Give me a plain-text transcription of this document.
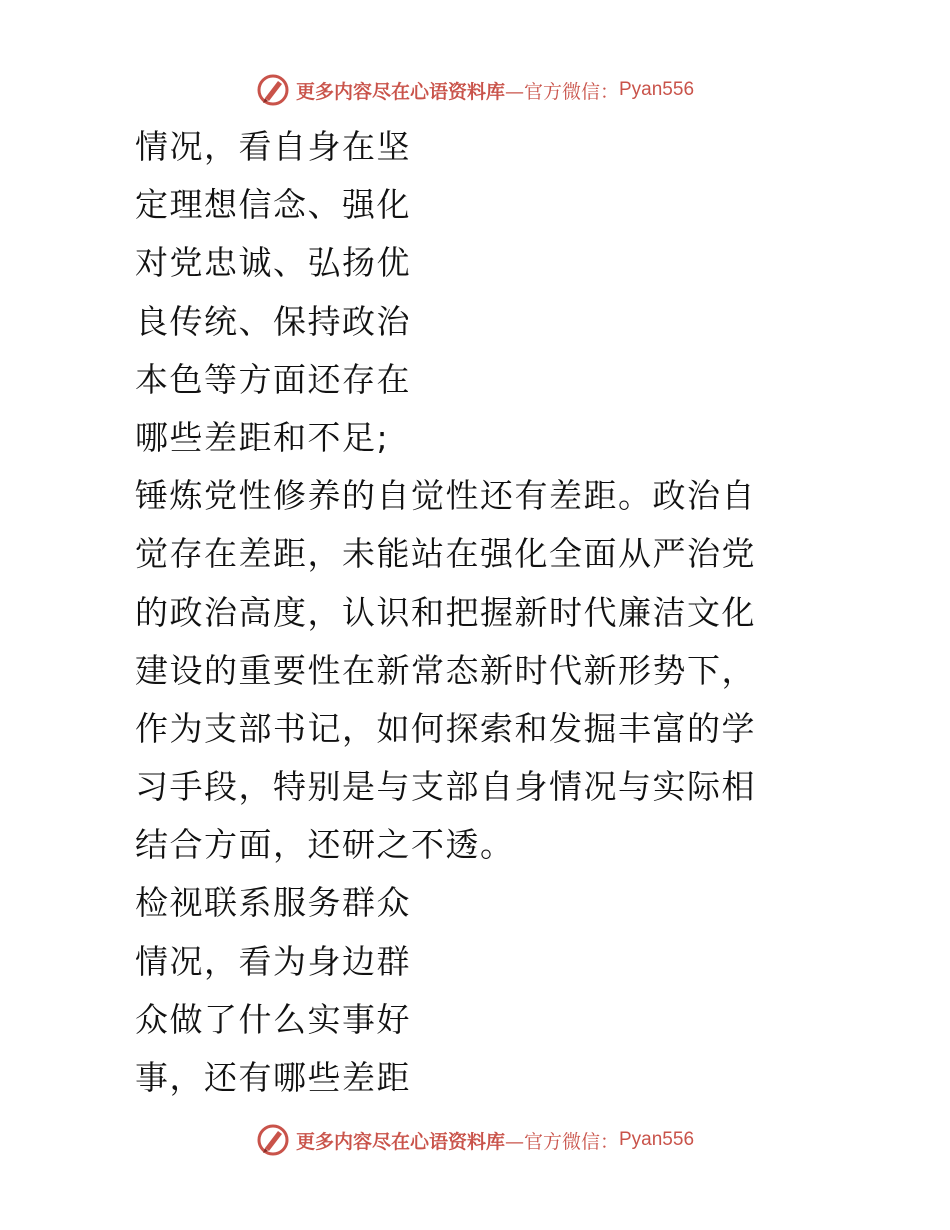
更多内容尽在心语资料库 —官方微信： Pyan556
情况，看自身在坚
定理想信念、强化
对党忠诚、弘扬优
良传统、保持政治
本色等方面还存在
哪些差距和不足;
锤炼党性修养的自觉性还有差距。政治自
觉存在差距，未能站在强化全面从严治党
的政治高度，认识和把握新时代廉洁文化
建设的重要性在新常态新时代新形势下，
作为支部书记，如何探索和发掘丰富的学
习手段，特别是与支部自身情况与实际相
结合方面，还研之不透。
检视联系服务群众
情况，看为身边群
众做了什么实事好
事，还有哪些差距
更多内容尽在心语资料库 —官方微信： Pyan556
